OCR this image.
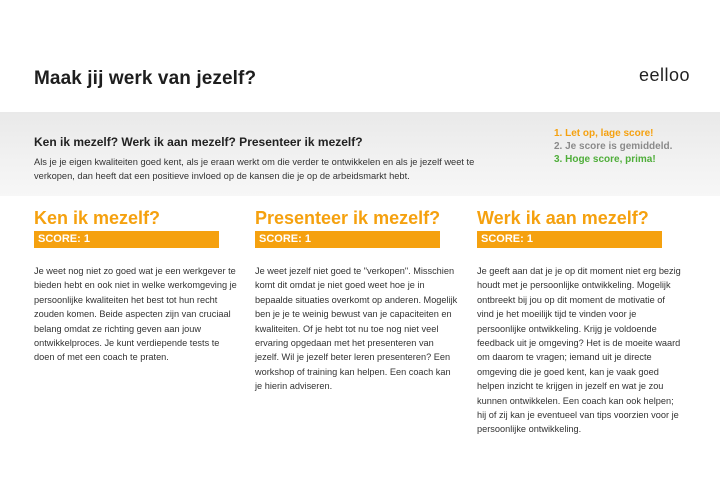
Maak jij werk van jezelf?	eelloo
Ken ik mezelf? Werk ik aan mezelf? Presenteer ik mezelf?
Als je je eigen kwaliteiten goed kent, als je eraan werkt om die verder te ontwikkelen en als je jezelf weet te verkopen, dan heeft dat een positieve invloed op de kansen die je op de arbeidsmarkt hebt.
1. Let op, lage score!
2. Je score is gemiddeld.
3. Hoge score, prima!
Ken ik mezelf?
SCORE: 1

Je weet nog niet zo goed wat je een werkgever te bieden hebt en ook niet in welke werkomgeving je persoonlijke kwaliteiten het best tot hun recht zouden komen. Beide aspecten zijn van cruciaal belang omdat ze richting geven aan jouw ontwikkelproces. Je kunt verdiepende tests te doen of met een coach te praten.

Presenteer ik mezelf?
SCORE: 1

Je weet jezelf niet goed te "verkopen". Misschien komt dit omdat je niet goed weet hoe je in bepaalde situaties overkomt op anderen. Mogelijk ben je je te weinig bewust van je capaciteiten en kwaliteiten. Of je hebt tot nu toe nog niet veel ervaring opgedaan met het presenteren van jezelf. Wil je jezelf beter leren presenteren? Een workshop of training kan helpen. Een coach kan je hierin adviseren.

Werk ik aan mezelf?
SCORE: 1

Je geeft aan dat je je op dit moment niet erg bezig houdt met je persoonlijke ontwikkeling. Mogelijk ontbreekt bij jou op dit moment de motivatie of vind je het moeilijk tijd te vinden voor je persoonlijke ontwikkeling. Krijg je voldoende feedback uit je omgeving? Het is de moeite waard om daarom te vragen; iemand uit je directe omgeving die je goed kent, kan je vaak goed helpen inzicht te krijgen in jezelf en wat je zou kunnen ontwikkelen. Een coach kan ook helpen; hij of zij kan je eventueel van tips voorzien voor je persoonlijke ontwikkeling.
